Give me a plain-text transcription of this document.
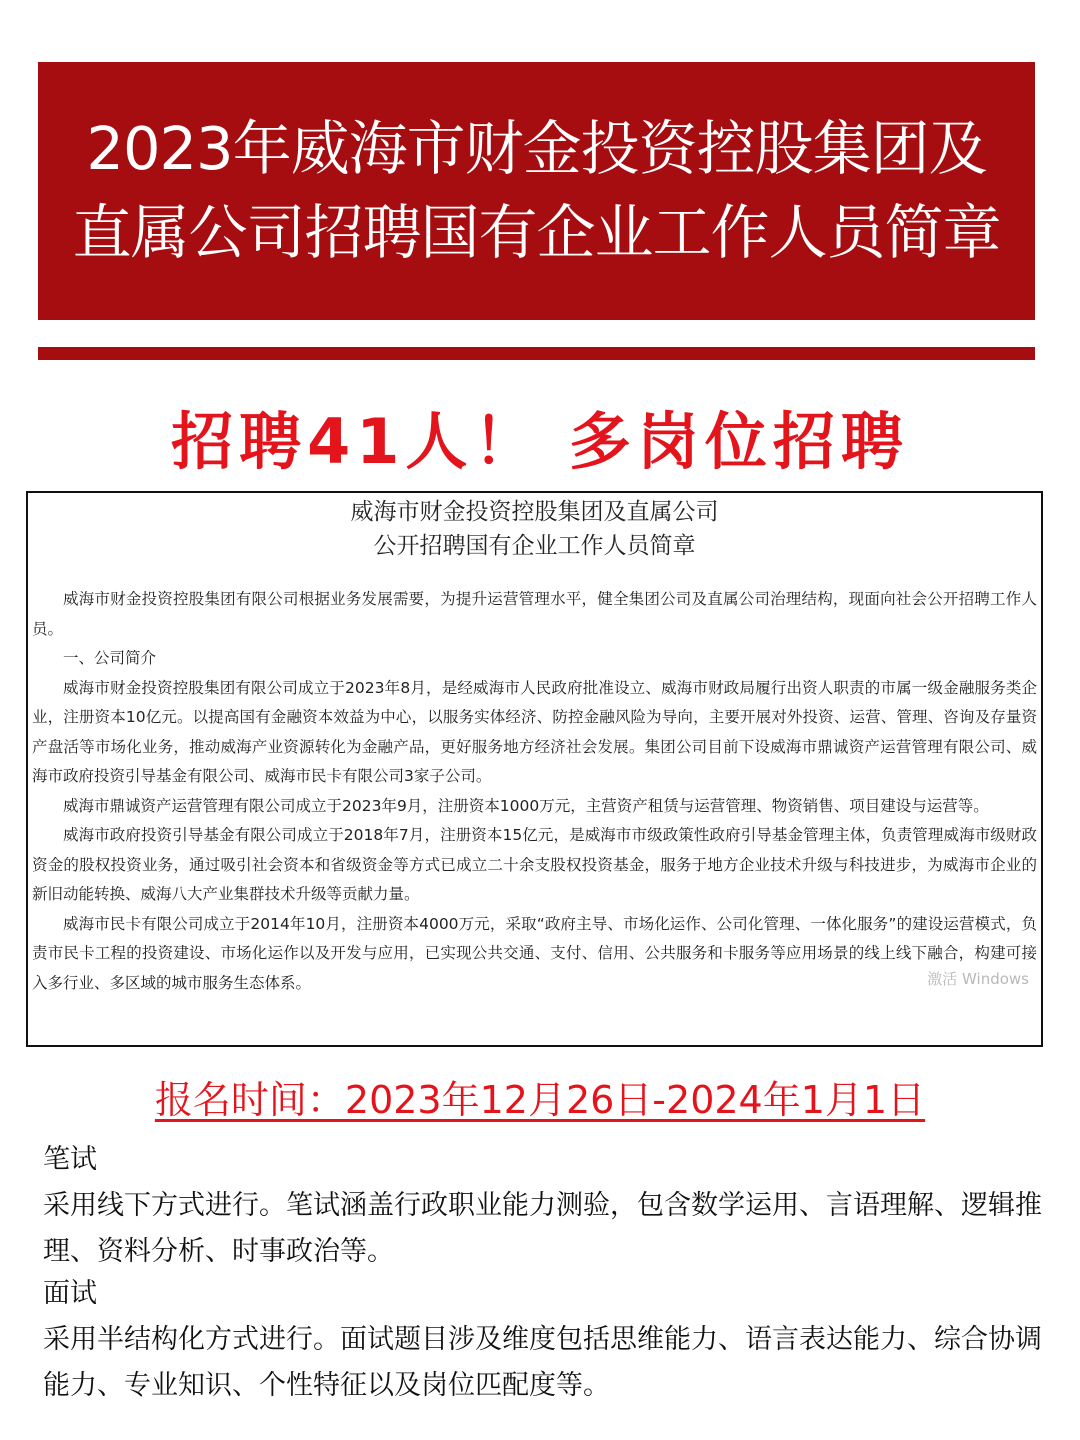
2023年威海市财金投资控股集团及
直属公司招聘国有企业工作人员简章
招聘41人！ 多岗位招聘
威海市财金投资控股集团及直属公司
公开招聘国有企业工作人员简章

威海市财金投资控股集团有限公司根据业务发展需要，为提升运营管理水平，健全集团公司及直属公司治理结构，现面向社会公开招聘工作人员。

一、公司简介

威海市财金投资控股集团有限公司成立于2023年8月，是经威海市人民政府批准设立、威海市财政局履行出资人职责的市属一级金融服务类企业，注册资本10亿元。以提高国有金融资本效益为中心，以服务实体经济、防控金融风险为导向，主要开展对外投资、运营、管理、咨询及存量资产盘活等市场化业务，推动威海产业资源转化为金融产品，更好服务地方经济社会发展。集团公司目前下设威海市鼎诚资产运营管理有限公司、威海市政府投资引导基金有限公司、威海市民卡有限公司3家子公司。

威海市鼎诚资产运营管理有限公司成立于2023年9月，注册资本1000万元，主营资产租赁与运营管理、物资销售、项目建设与运营等。

威海市政府投资引导基金有限公司成立于2018年7月，注册资本15亿元，是威海市市级政策性政府引导基金管理主体，负责管理威海市级财政资金的股权投资业务，通过吸引社会资本和省级资金等方式已成立二十余支股权投资基金，服务于地方企业技术升级与科技进步，为威海市企业的新旧动能转换、威海八大产业集群技术升级等贡献力量。

威海市民卡有限公司成立于2014年10月，注册资本4000万元，采取“政府主导、市场化运作、公司化管理、一体化服务”的建设运营模式，负责市民卡工程的投资建设、市场化运作以及开发与应用，已实现公共交通、支付、信用、公共服务和卡服务等应用场景的线上线下融合，构建可接入多行业、多区域的城市服务生态体系。	激活 Windows
报名时间：2023年12月26日-2024年1月1日

笔试

采用线下方式进行。笔试涵盖行政职业能力测验，包含数学运用、言语理解、逻辑推理、资料分析、时事政治等。

面试

采用半结构化方式进行。面试题目涉及维度包括思维能力、语言表达能力、综合协调能力、专业知识、个性特征以及岗位匹配度等。
